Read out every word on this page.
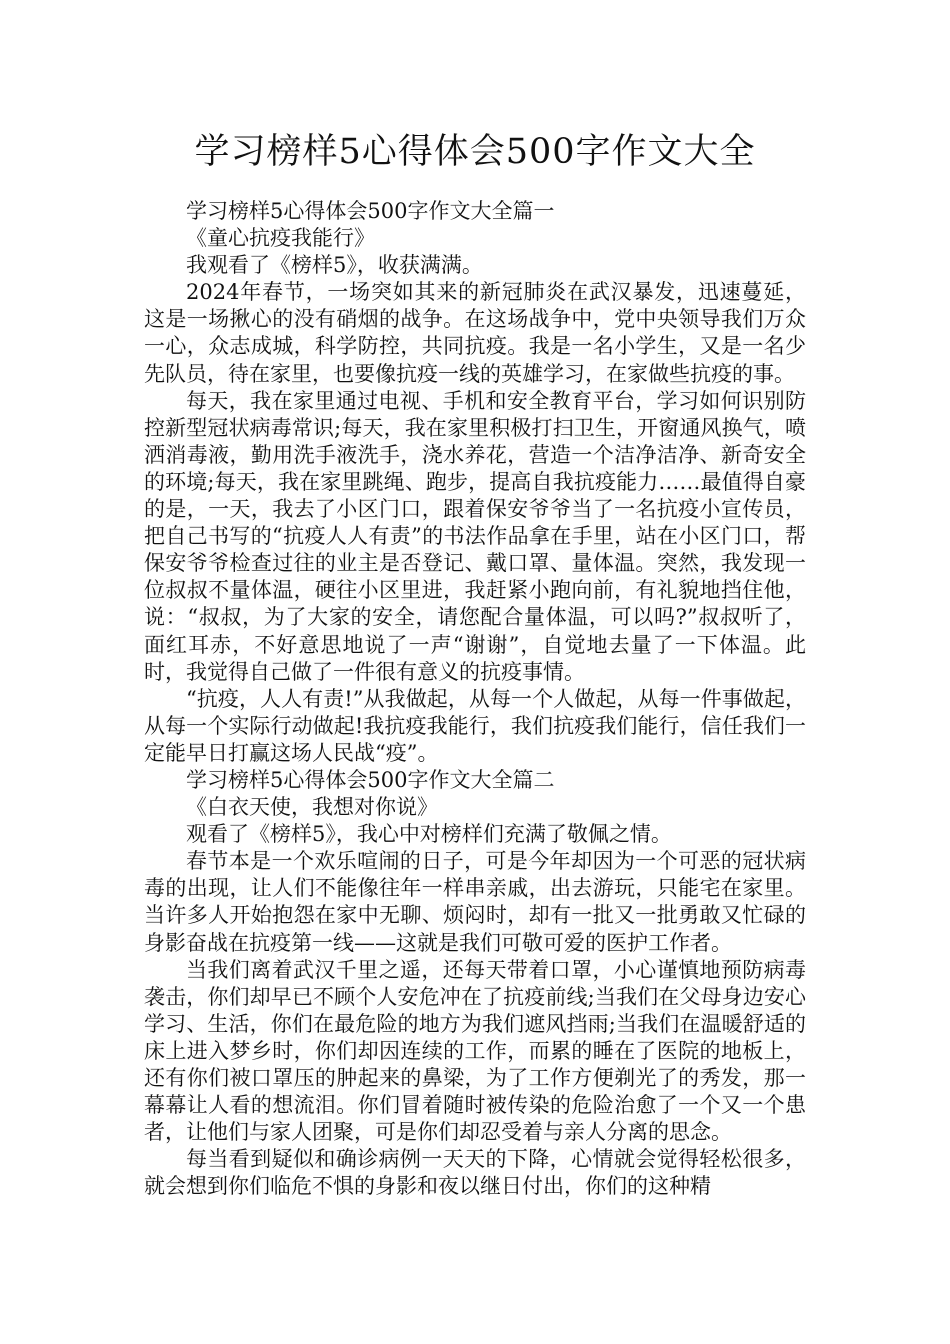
学习榜样5心得体会500字作文大全

学习榜样5心得体会500字作文大全篇一

《童心抗疫我能行》

我观看了《榜样5》，收获满满。

2024年春节，一场突如其来的新冠肺炎在武汉暴发，迅速蔓延，这是一场揪心的没有硝烟的战争。在这场战争中，党中央领导我们万众一心，众志成城，科学防控，共同抗疫。我是一名小学生，又是一名少先队员，待在家里，也要像抗疫一线的英雄学习，在家做些抗疫的事。

每天，我在家里通过电视、手机和安全教育平台，学习如何识别防控新型冠状病毒常识;每天，我在家里积极打扫卫生，开窗通风换气，喷洒消毒液，勤用洗手液洗手，浇水养花，营造一个洁净洁净、新奇安全的环境;每天，我在家里跳绳、跑步，提高自我抗疫能力……最值得自豪的是，一天，我去了小区门口，跟着保安爷爷当了一名抗疫小宣传员，把自己书写的“抗疫人人有责”的书法作品拿在手里，站在小区门口，帮保安爷爷检查过往的业主是否登记、戴口罩、量体温。突然，我发现一位叔叔不量体温，硬往小区里进，我赶紧小跑向前，有礼貌地挡住他，说：“叔叔，为了大家的安全，请您配合量体温，可以吗?”叔叔听了，面红耳赤，不好意思地说了一声“谢谢”，自觉地去量了一下体温。此时，我觉得自己做了一件很有意义的抗疫事情。

“抗疫，人人有责!”从我做起，从每一个人做起，从每一件事做起，从每一个实际行动做起!我抗疫我能行，我们抗疫我们能行，信任我们一定能早日打赢这场人民战“疫”。

学习榜样5心得体会500字作文大全篇二

《白衣天使，我想对你说》

观看了《榜样5》，我心中对榜样们充满了敬佩之情。

春节本是一个欢乐喧闹的日子，可是今年却因为一个可恶的冠状病毒的出现，让人们不能像往年一样串亲戚，出去游玩，只能宅在家里。当许多人开始抱怨在家中无聊、烦闷时，却有一批又一批勇敢又忙碌的身影奋战在抗疫第一线——这就是我们可敬可爱的医护工作者。

当我们离着武汉千里之遥，还每天带着口罩，小心谨慎地预防病毒袭击，你们却早已不顾个人安危冲在了抗疫前线;当我们在父母身边安心学习、生活，你们在最危险的地方为我们遮风挡雨;当我们在温暖舒适的床上进入梦乡时，你们却因连续的工作，而累的睡在了医院的地板上，还有你们被口罩压的肿起来的鼻梁，为了工作方便剃光了的秀发，那一幕幕让人看的想流泪。你们冒着随时被传染的危险治愈了一个又一个患者，让他们与家人团聚，可是你们却忍受着与亲人分离的思念。

每当看到疑似和确诊病例一天天的下降，心情就会觉得轻松很多，就会想到你们临危不惧的身影和夜以继日付出，你们的这种精
